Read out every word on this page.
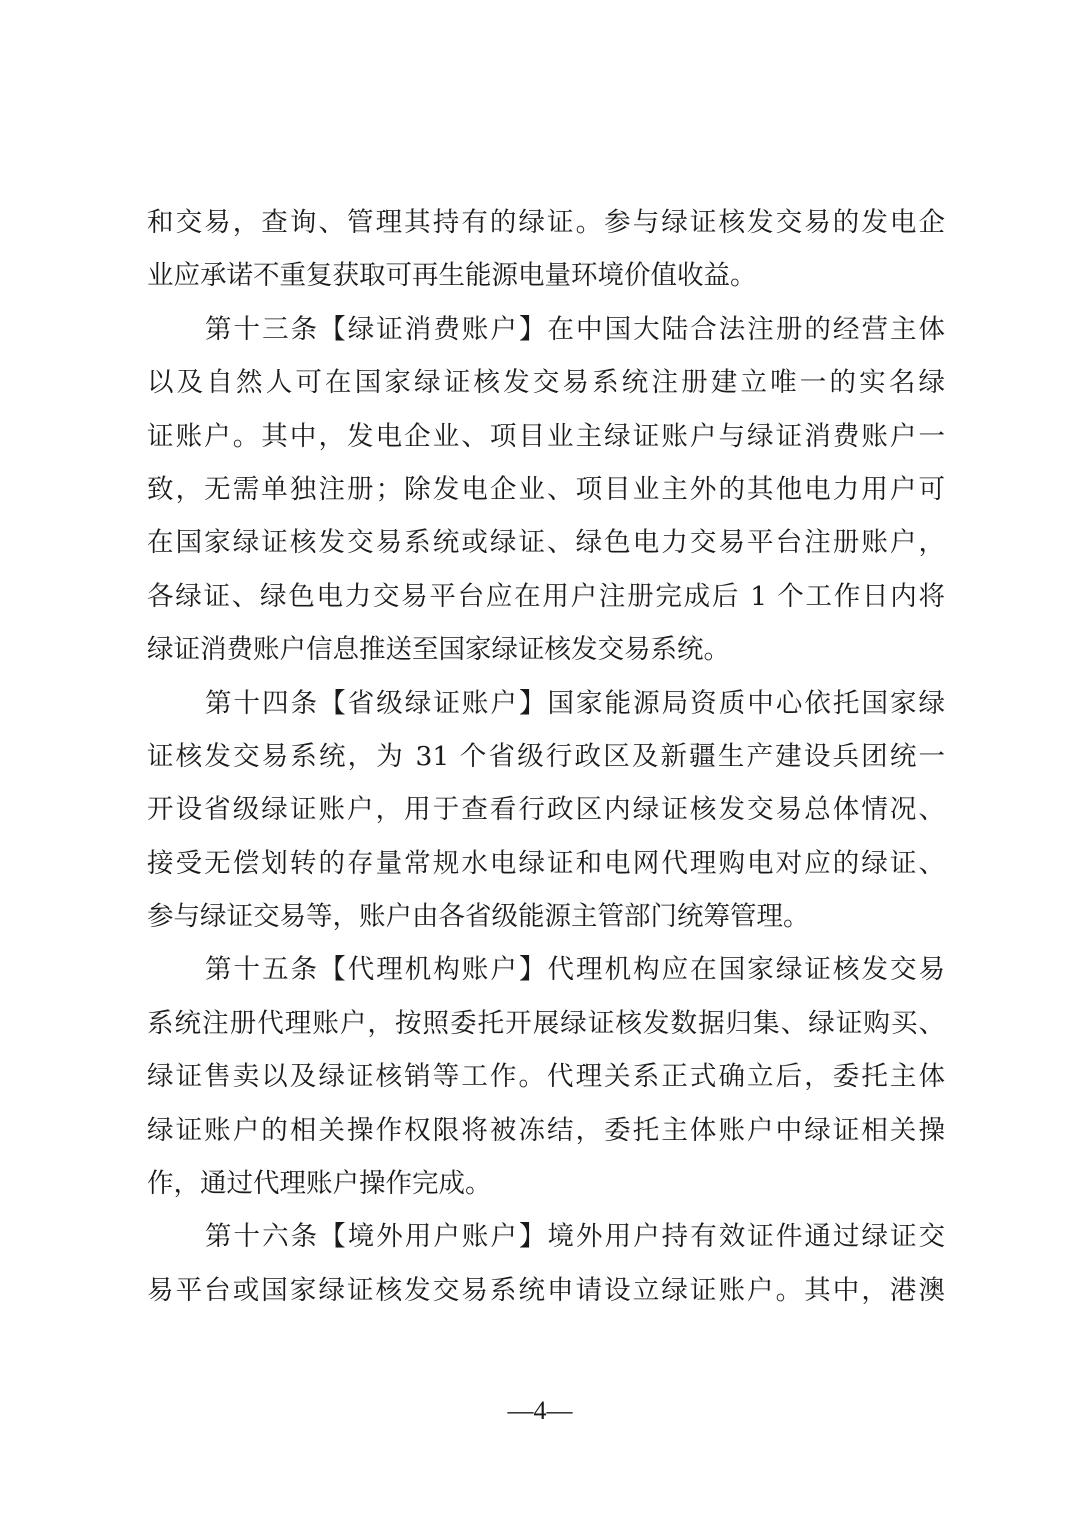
和交易，查询、管理其持有的绿证。参与绿证核发交易的发电企
业应承诺不重复获取可再生能源电量环境价值收益。
第十三条【绿证消费账户】在中国大陆合法注册的经营主体
以及自然人可在国家绿证核发交易系统注册建立唯一的实名绿
证账户。其中，发电企业、项目业主绿证账户与绿证消费账户一
致，无需单独注册；除发电企业、项目业主外的其他电力用户可
在国家绿证核发交易系统或绿证、绿色电力交易平台注册账户，
各绿证、绿色电力交易平台应在用户注册完成后 1 个工作日内将
绿证消费账户信息推送至国家绿证核发交易系统。
第十四条【省级绿证账户】国家能源局资质中心依托国家绿
证核发交易系统，为 31 个省级行政区及新疆生产建设兵团统一
开设省级绿证账户，用于查看行政区内绿证核发交易总体情况、
接受无偿划转的存量常规水电绿证和电网代理购电对应的绿证、
参与绿证交易等，账户由各省级能源主管部门统筹管理。
第十五条【代理机构账户】代理机构应在国家绿证核发交易
系统注册代理账户，按照委托开展绿证核发数据归集、绿证购买、
绿证售卖以及绿证核销等工作。代理关系正式确立后，委托主体
绿证账户的相关操作权限将被冻结，委托主体账户中绿证相关操
作，通过代理账户操作完成。
第十六条【境外用户账户】境外用户持有效证件通过绿证交
易平台或国家绿证核发交易系统申请设立绿证账户。其中，港澳
—4—
